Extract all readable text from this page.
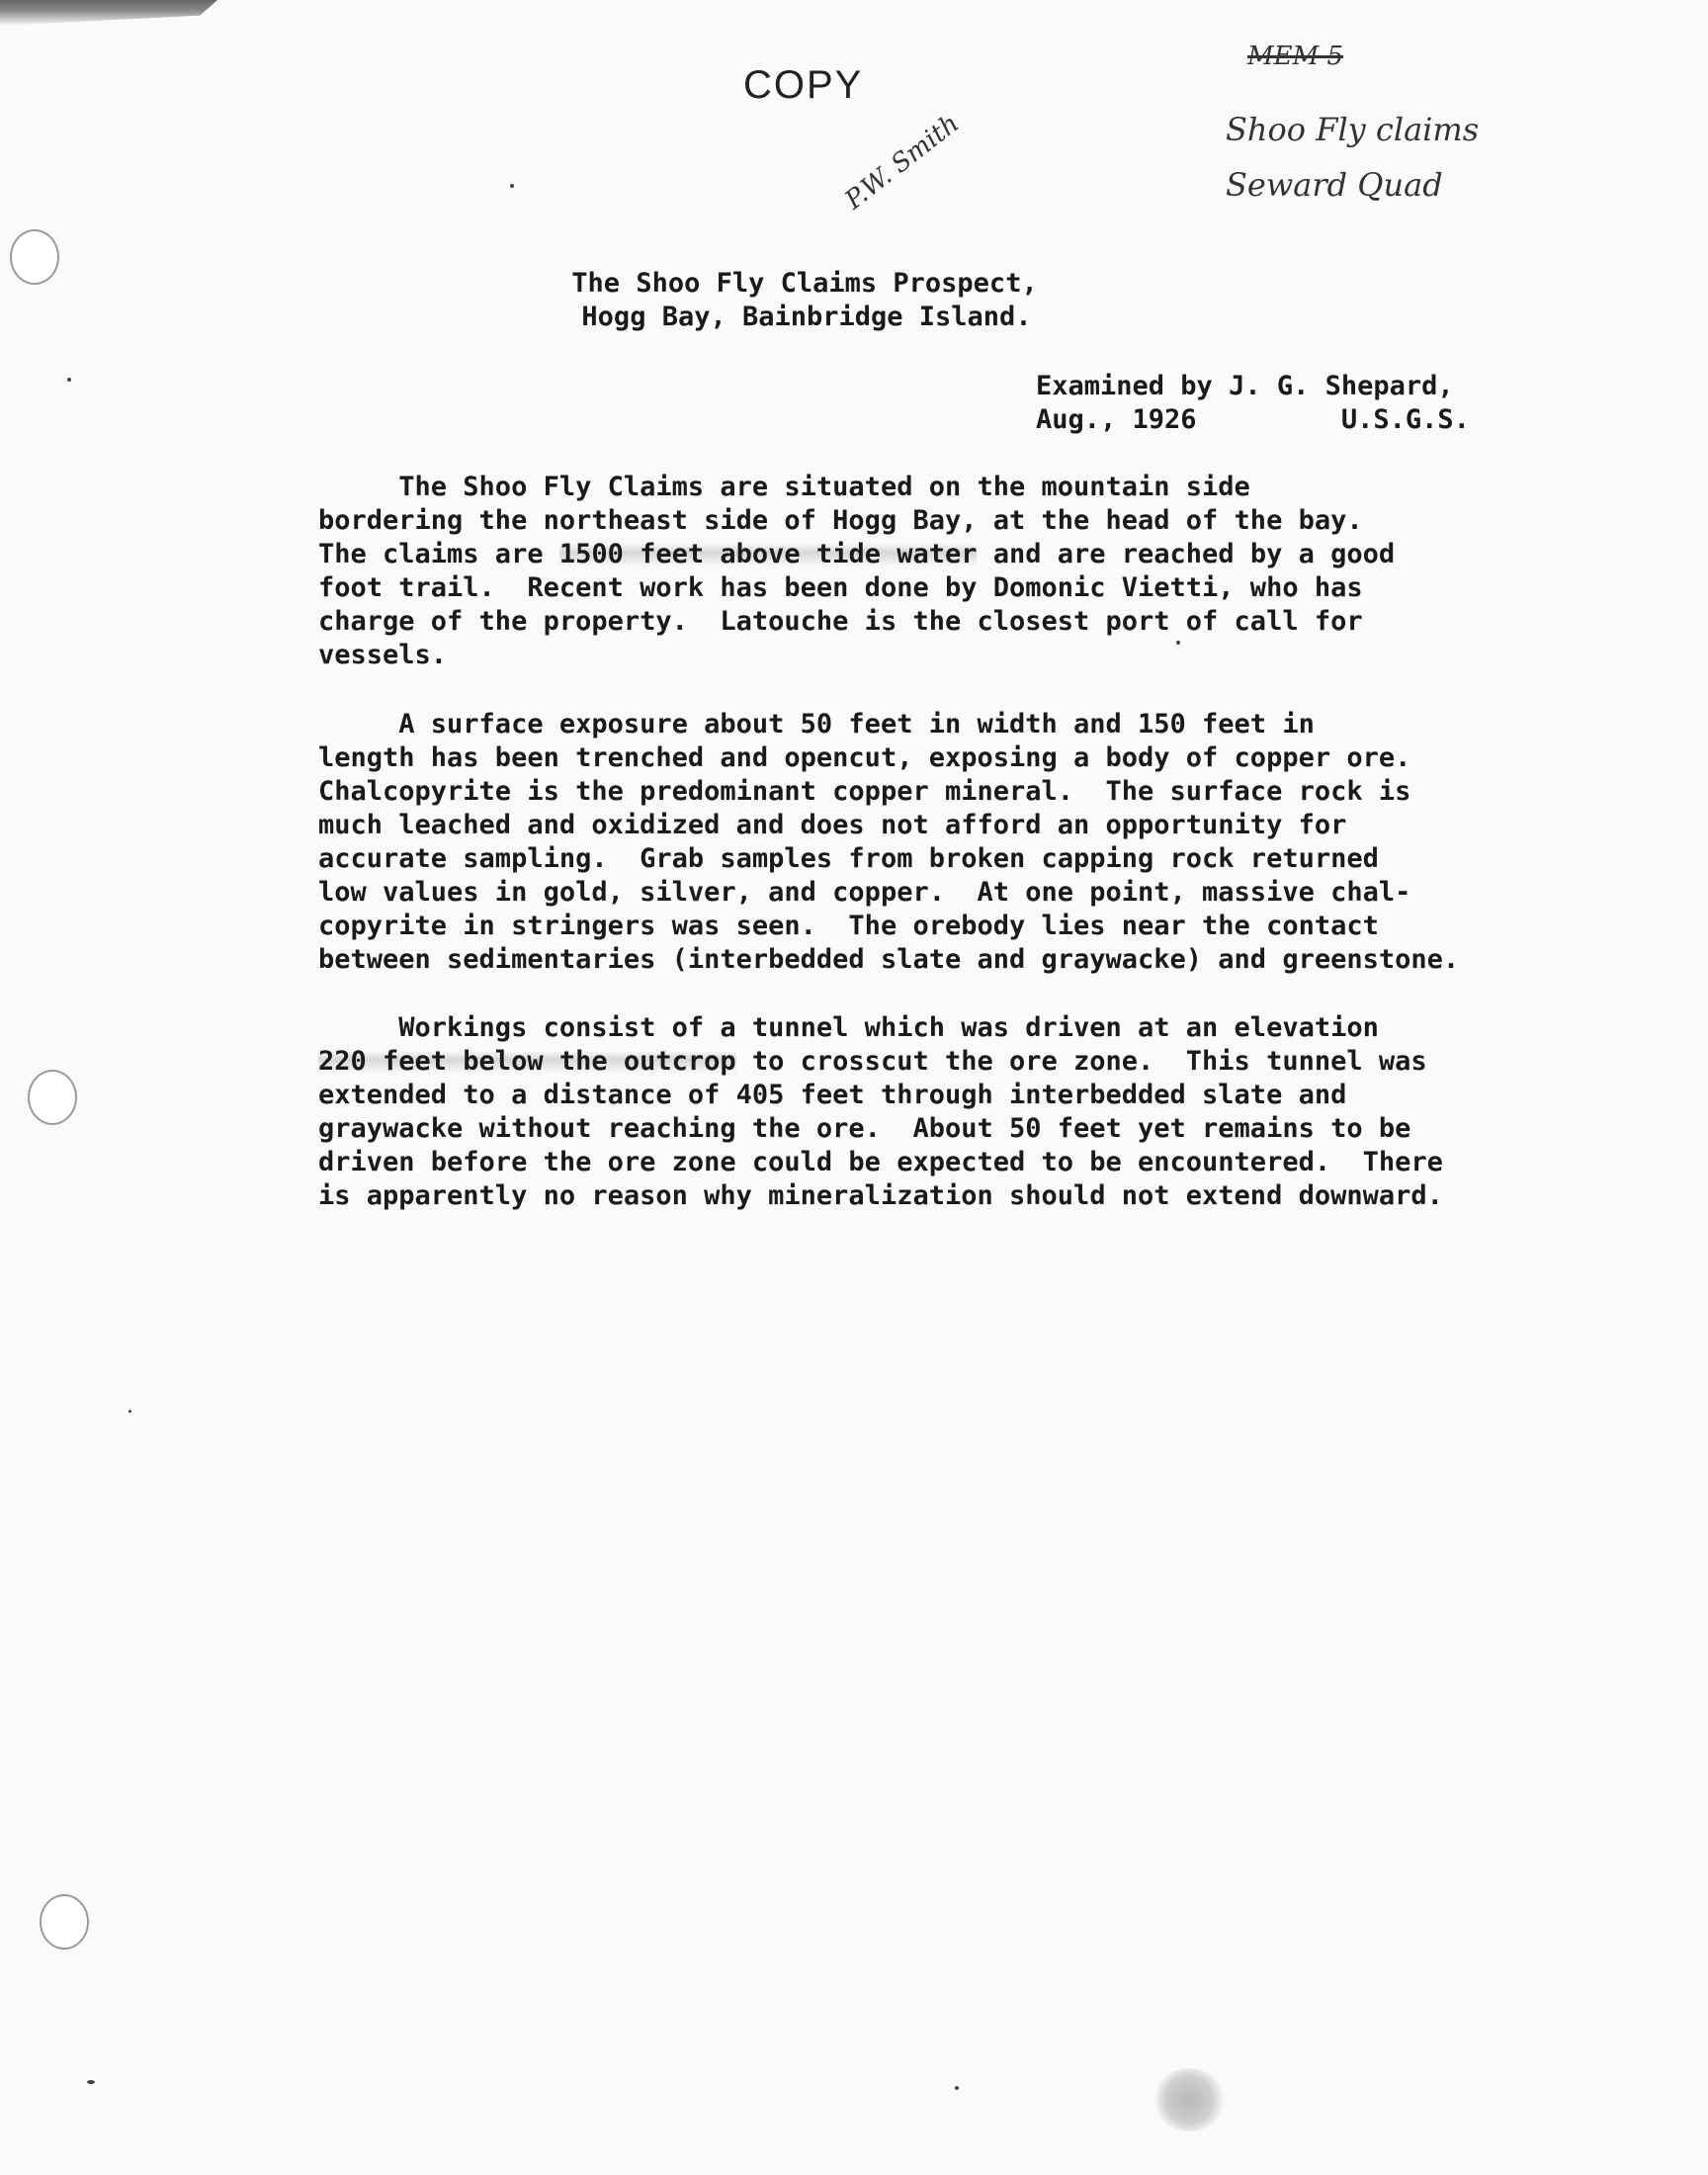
COPY
MEM 5
Shoo Fly claims
Seward Quad
P.W. Smith
The Shoo Fly Claims Prospect,
Hogg Bay, Bainbridge Island.
Examined by J. G. Shepard,
Aug., 1926	U.S.G.S.
The Shoo Fly Claims are situated on the mountain side
bordering the northeast side of Hogg Bay, at the head of the bay.
The claims are 1500 feet above tide water and are reached by a good
foot trail.  Recent work has been done by Domonic Vietti, who has
charge of the property.  Latouche is the closest port of call for
vessels.
A surface exposure about 50 feet in width and 150 feet in
length has been trenched and opencut, exposing a body of copper ore.
Chalcopyrite is the predominant copper mineral.  The surface rock is
much leached and oxidized and does not afford an opportunity for
accurate sampling.  Grab samples from broken capping rock returned
low values in gold, silver, and copper.  At one point, massive chal-
copyrite in stringers was seen.  The orebody lies near the contact
between sedimentaries (interbedded slate and graywacke) and greenstone.
Workings consist of a tunnel which was driven at an elevation
220 feet below the outcrop to crosscut the ore zone.  This tunnel was
extended to a distance of 405 feet through interbedded slate and
graywacke without reaching the ore.  About 50 feet yet remains to be
driven before the ore zone could be expected to be encountered.  There
is apparently no reason why mineralization should not extend downward.
